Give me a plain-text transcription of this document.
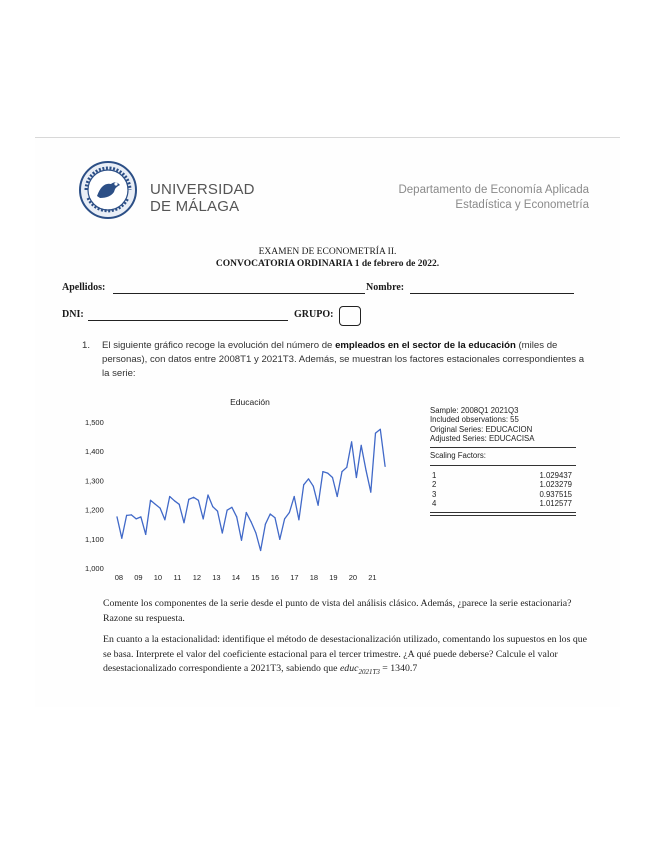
UNIVERSIDAD
DE MÁLAGA
Departamento de Economía Aplicada
Estadística y Econometría
EXAMEN DE ECONOMETRÍA II.
CONVOCATORIA ORDINARIA 1 de febrero de 2022.
Apellidos:	Nombre:
DNI:	GRUPO:
1. El siguiente gráfico recoge la evolución del número de empleados en el sector de la educación (miles de personas), con datos entre 2008T1 y 2021T3. Además, se muestran los factores estacionales correspondientes a la serie:
Educación
1,000
1,100
1,200
1,300
1,400
1,500
08 09 10 11 12 13 14 15 16 17 18 19 20 21
Sample: 2008Q1 2021Q3
Included observations: 55
Original Series: EDUCACION
Adjusted Series: EDUCACISA
Scaling Factors:
1	1.029437
2	1.023279
3	0.937515
4	1.012577
Comente los componentes de la serie desde el punto de vista del análisis clásico. Además, ¿parece la serie estacionaria? Razone su respuesta.
En cuanto a la estacionalidad: identifique el método de desestacionalización utilizado, comentando los supuestos en los que se basa. Interprete el valor del coeficiente estacional para el tercer trimestre. ¿A qué puede deberse? Calcule el valor desestacionalizado correspondiente a 2021T3, sabiendo que educ$_{2021T3}$ = 1340.7
